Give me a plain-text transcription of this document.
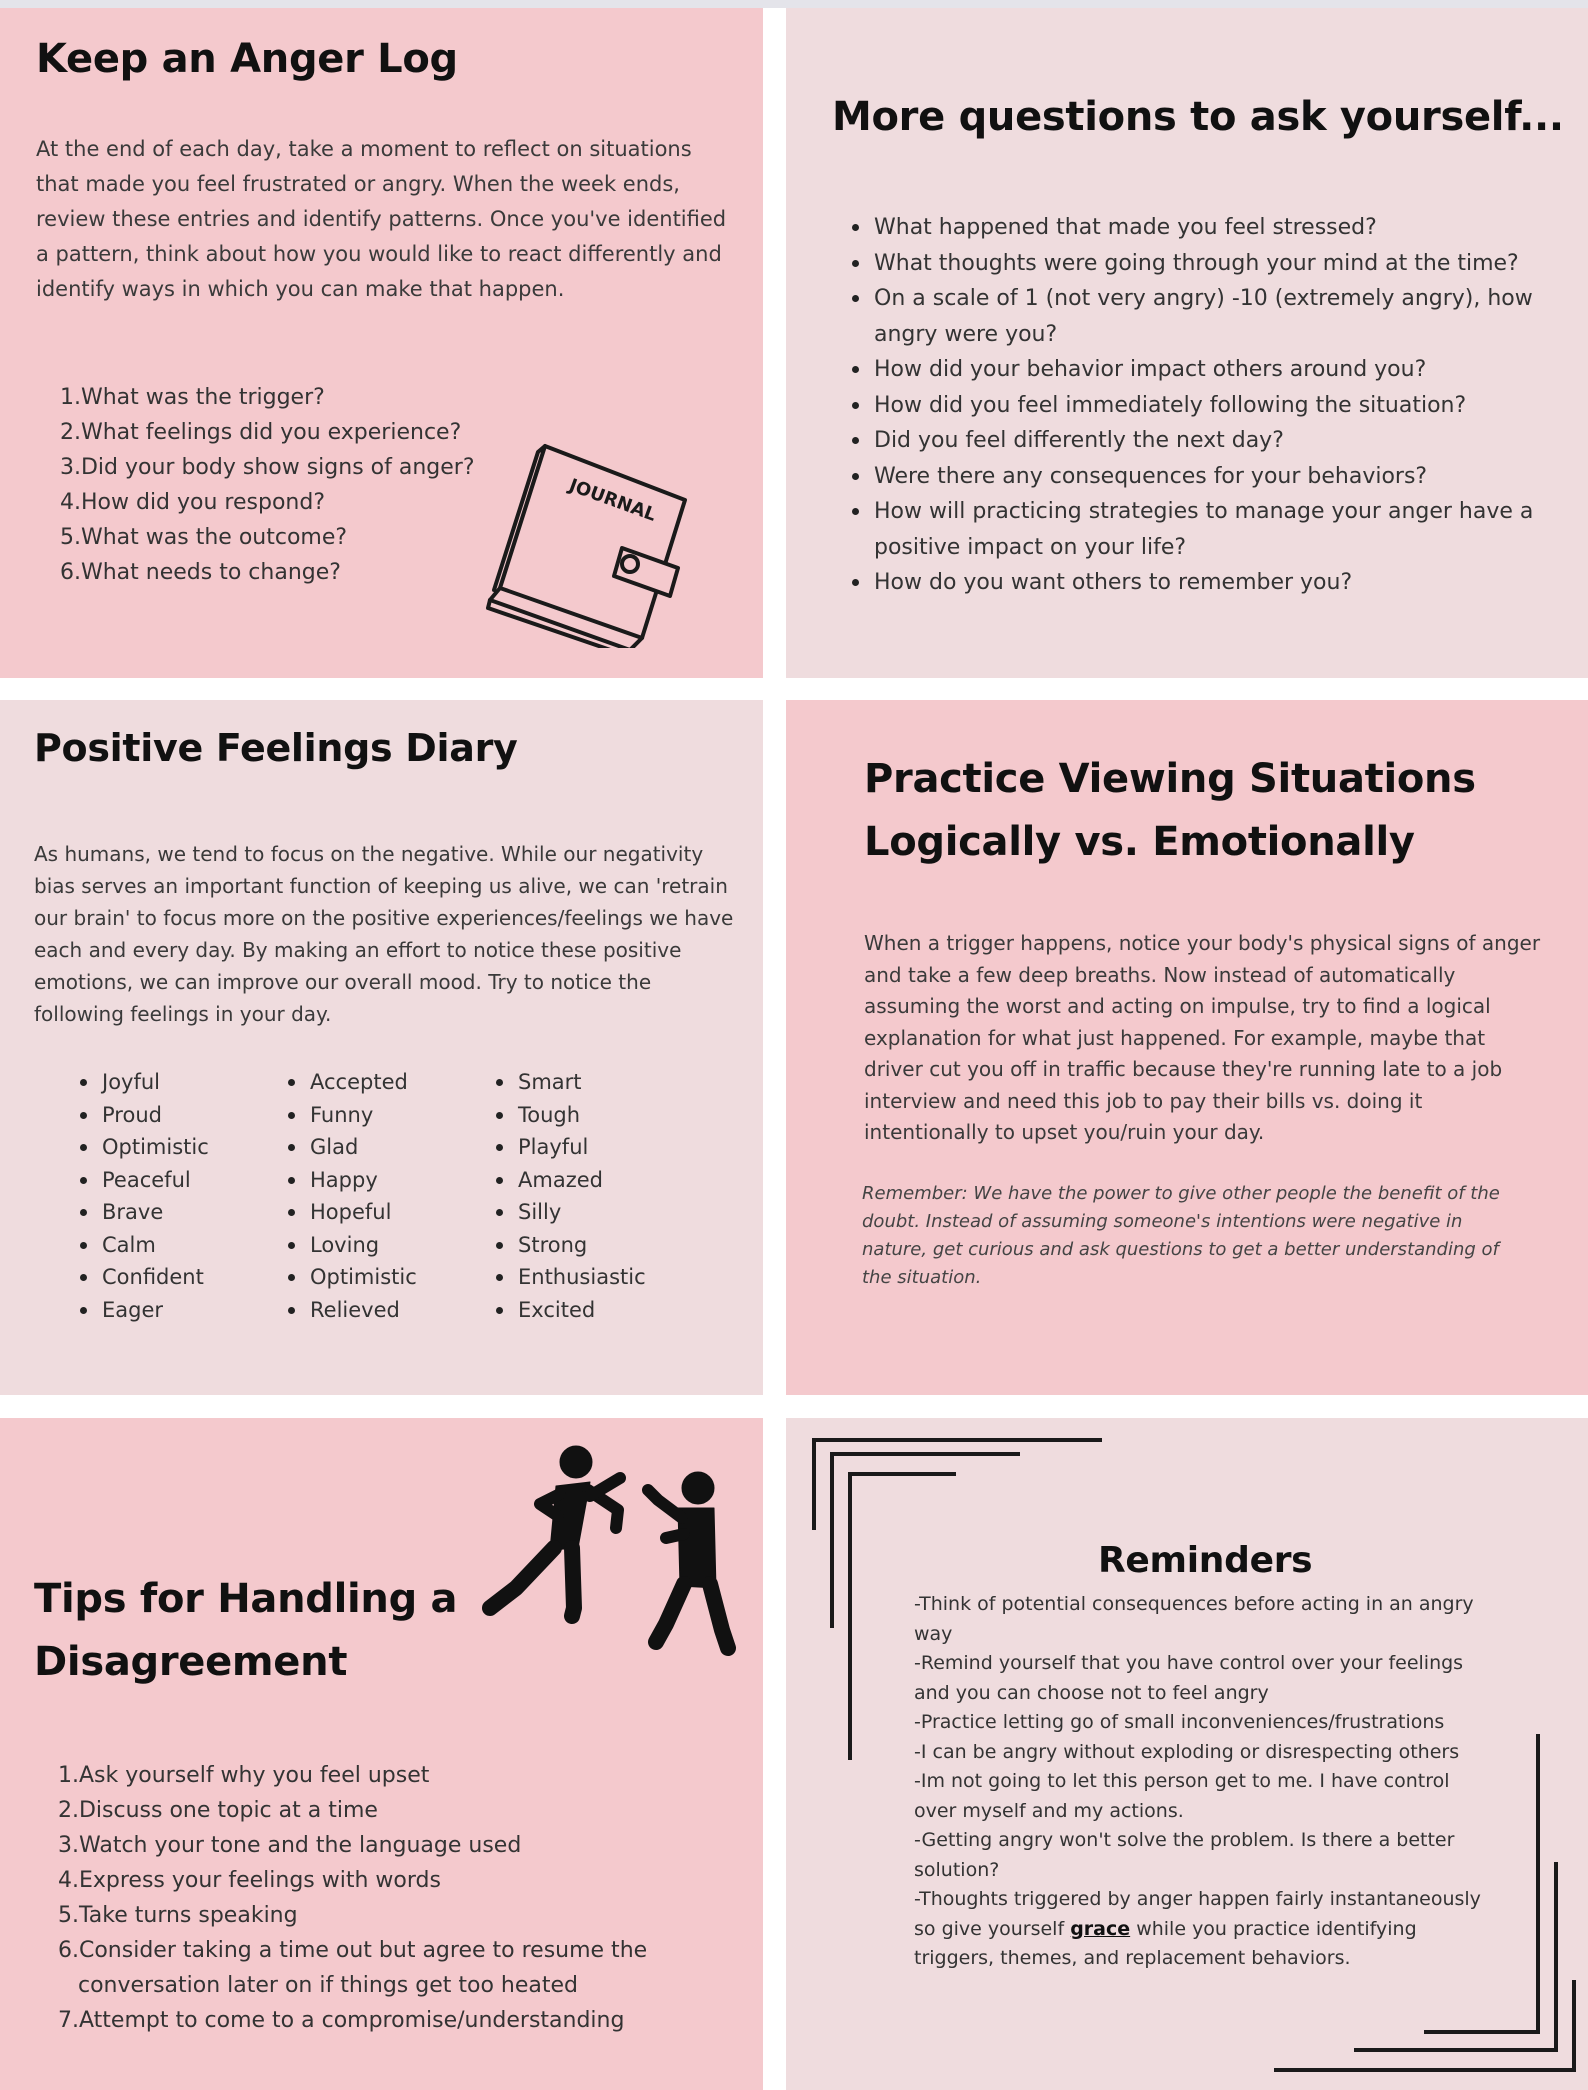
Keep an Anger Log

At the end of each day, take a moment to reflect on situations that made you feel frustrated or angry. When the week ends, review these entries and identify patterns. Once you've identified a pattern, think about how you would like to react differently and identify ways in which you can make that happen.

1.What was the trigger?
2.What feelings did you experience?
3.Did your body show signs of anger?
4.How did you respond?
5.What was the outcome?
6.What needs to change?
JOURNAL
More questions to ask yourself...
What happened that made you feel stressed?
What thoughts were going through your mind at the time?
On a scale of 1 (not very angry) -10 (extremely angry), how angry were you?
How did your behavior impact others around you?
How did you feel immediately following the situation?
Did you feel differently the next day?
Were there any consequences for your behaviors?
How will practicing strategies to manage your anger have a positive impact on your life?
How do you want others to remember you?
Positive Feelings Diary

As humans, we tend to focus on the negative. While our negativity bias serves an important function of keeping us alive, we can 'retrain our brain' to focus more on the positive experiences/feelings we have each and every day. By making an effort to notice these positive emotions, we can improve our overall mood. Try to notice the following feelings in your day.

Joyful
Proud
Optimistic
Peaceful
Brave
Calm
Confident
Eager
Accepted
Funny
Glad
Happy
Hopeful
Loving
Optimistic
Relieved
Smart
Tough
Playful
Amazed
Silly
Strong
Enthusiastic
Excited
Practice Viewing Situations
Logically vs. Emotionally

When a trigger happens, notice your body's physical signs of anger and take a few deep breaths. Now instead of automatically assuming the worst and acting on impulse, try to find a logical explanation for what just happened. For example, maybe that driver cut you off in traffic because they're running late to a job interview and need this job to pay their bills vs. doing it intentionally to upset you/ruin your day.

Remember: We have the power to give other people the benefit of the doubt. Instead of assuming someone's intentions were negative in nature, get curious and ask questions to get a better understanding of the situation.

Tips for Handling a
Disagreement
1.Ask yourself why you feel upset
2.Discuss one topic at a time
3.Watch your tone and the language used
4.Express your feelings with words
5.Take turns speaking
6.Consider taking a time out but agree to resume the conversation later on if things get too heated
7.Attempt to come to a compromise/understanding
Reminders

-Think of potential consequences before acting in an angry way

-Remind yourself that you have control over your feelings and you can choose not to feel angry

-Practice letting go of small inconveniences/frustrations

-I can be angry without exploding or disrespecting others

-Im not going to let this person get to me. I have control over myself and my actions.

-Getting angry won't solve the problem. Is there a better solution?

-Thoughts triggered by anger happen fairly instantaneously so give yourself grace while you practice identifying triggers, themes, and replacement behaviors.
